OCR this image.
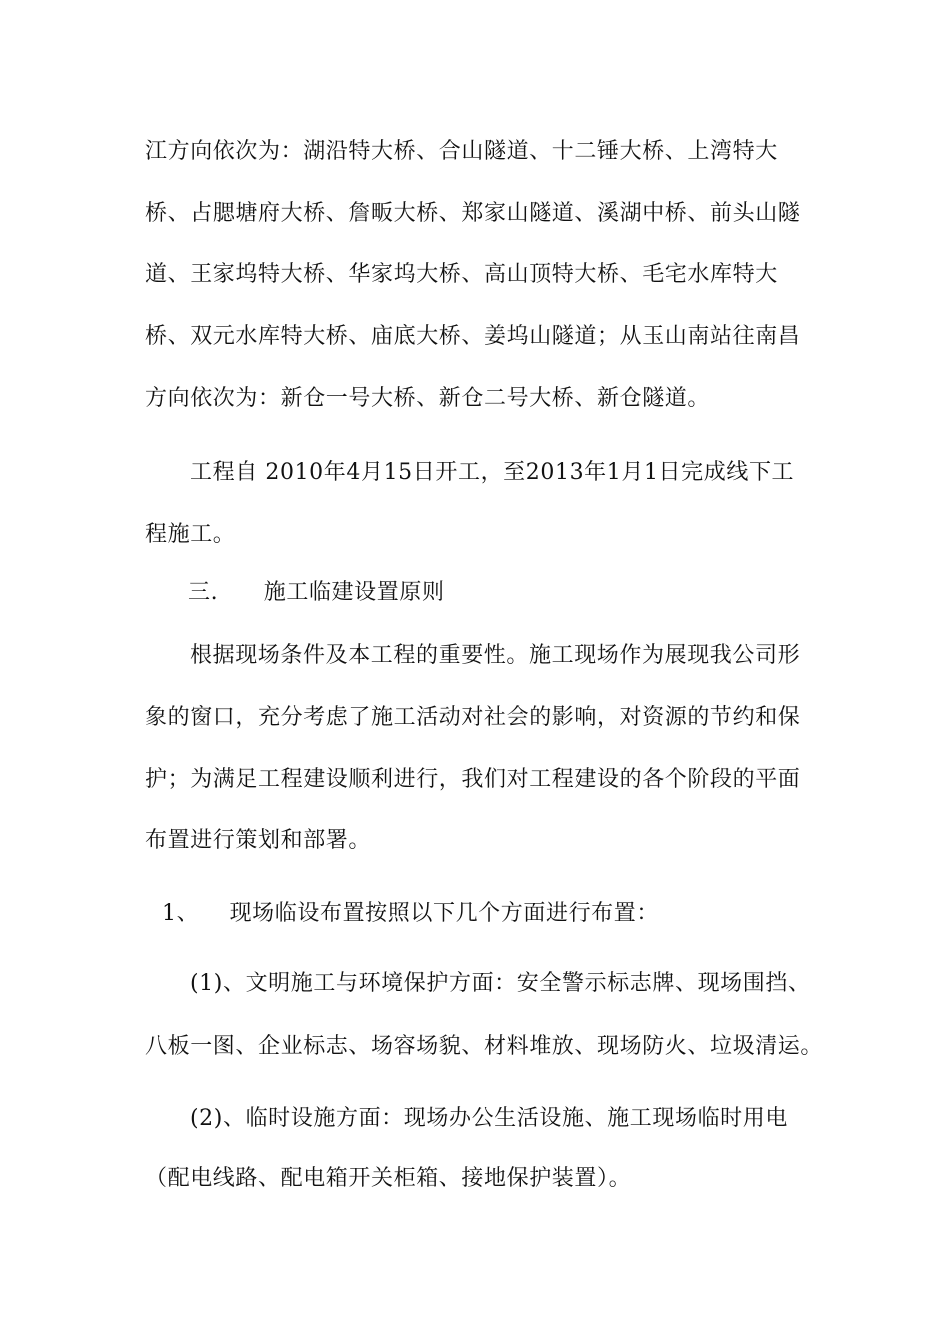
江方向依次为：湖沿特大桥、合山隧道、十二锤大桥、上湾特大
桥、占腮塘府大桥、詹畈大桥、郑家山隧道、溪湖中桥、前头山隧
道、王家坞特大桥、华家坞大桥、高山顶特大桥、毛宅水库特大
桥、双元水库特大桥、庙底大桥、姜坞山隧道；从玉山南站往南昌
方向依次为：新仓一号大桥、新仓二号大桥、新仓隧道。
工程自 2010年4月15日开工，至2013年1月1日完成线下工
程施工。
三.      施工临建设置原则
根据现场条件及本工程的重要性。施工现场作为展现我公司形
象的窗口，充分考虑了施工活动对社会的影响，对资源的节约和保
护；为满足工程建设顺利进行，我们对工程建设的各个阶段的平面
布置进行策划和部署。
1、    现场临设布置按照以下几个方面进行布置：
(1)、文明施工与环境保护方面：安全警示标志牌、现场围挡、
八板一图、企业标志、场容场貌、材料堆放、现场防火、垃圾清运。
(2)、临时设施方面：现场办公生活设施、施工现场临时用电
（配电线路、配电箱开关柜箱、接地保护装置）。
